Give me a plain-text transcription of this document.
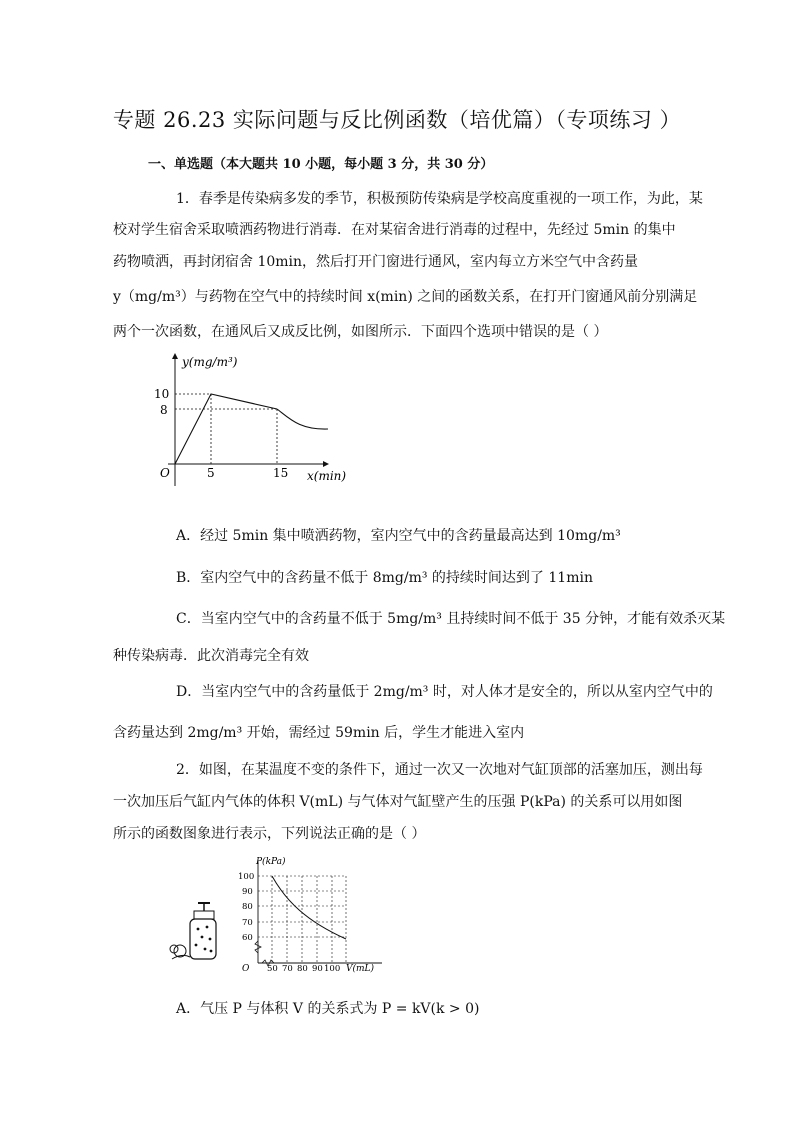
专题 26.23 实际问题与反比例函数（培优篇）（专项练习 ）
一、单选题（本大题共 10 小题，每小题 3 分，共 30 分）
1．春季是传染病多发的季节，积极预防传染病是学校高度重视的一项工作，为此，某
校对学生宿舍采取喷洒药物进行消毒．在对某宿舍进行消毒的过程中，先经过 5min 的集中
药物喷洒，再封闭宿舍 10min，然后打开门窗进行通风，室内每立方米空气中含药量
y（mg/m³）与药物在空气中的持续时间 x(min) 之间的函数关系，在打开门窗通风前分别满足
两个一次函数，在通风后又成反比例，如图所示．下面四个选项中错误的是（ ）
y(mg/m³)
x(min)
O
10
8
5	15
A．经过 5min 集中喷洒药物，室内空气中的含药量最高达到 10mg/m³
B．室内空气中的含药量不低于 8mg/m³ 的持续时间达到了 11min
C．当室内空气中的含药量不低于 5mg/m³ 且持续时间不低于 35 分钟，才能有效杀灭某
种传染病毒．此次消毒完全有效
D．当室内空气中的含药量低于 2mg/m³ 时，对人体才是安全的，所以从室内空气中的
含药量达到 2mg/m³ 开始，需经过 59min 后，学生才能进入室内
2．如图，在某温度不变的条件下，通过一次又一次地对气缸顶部的活塞加压，测出每
一次加压后气缸内气体的体积 V(mL) 与气体对气缸壁产生的压强 P(kPa) 的关系可以用如图
所示的函数图象进行表示，下列说法正确的是（ ）
P(kPa)
V(mL)
O
100
90
80
70
60
50 70 80 90 100
A．气压 P 与体积 V 的关系式为 P = kV(k > 0)
